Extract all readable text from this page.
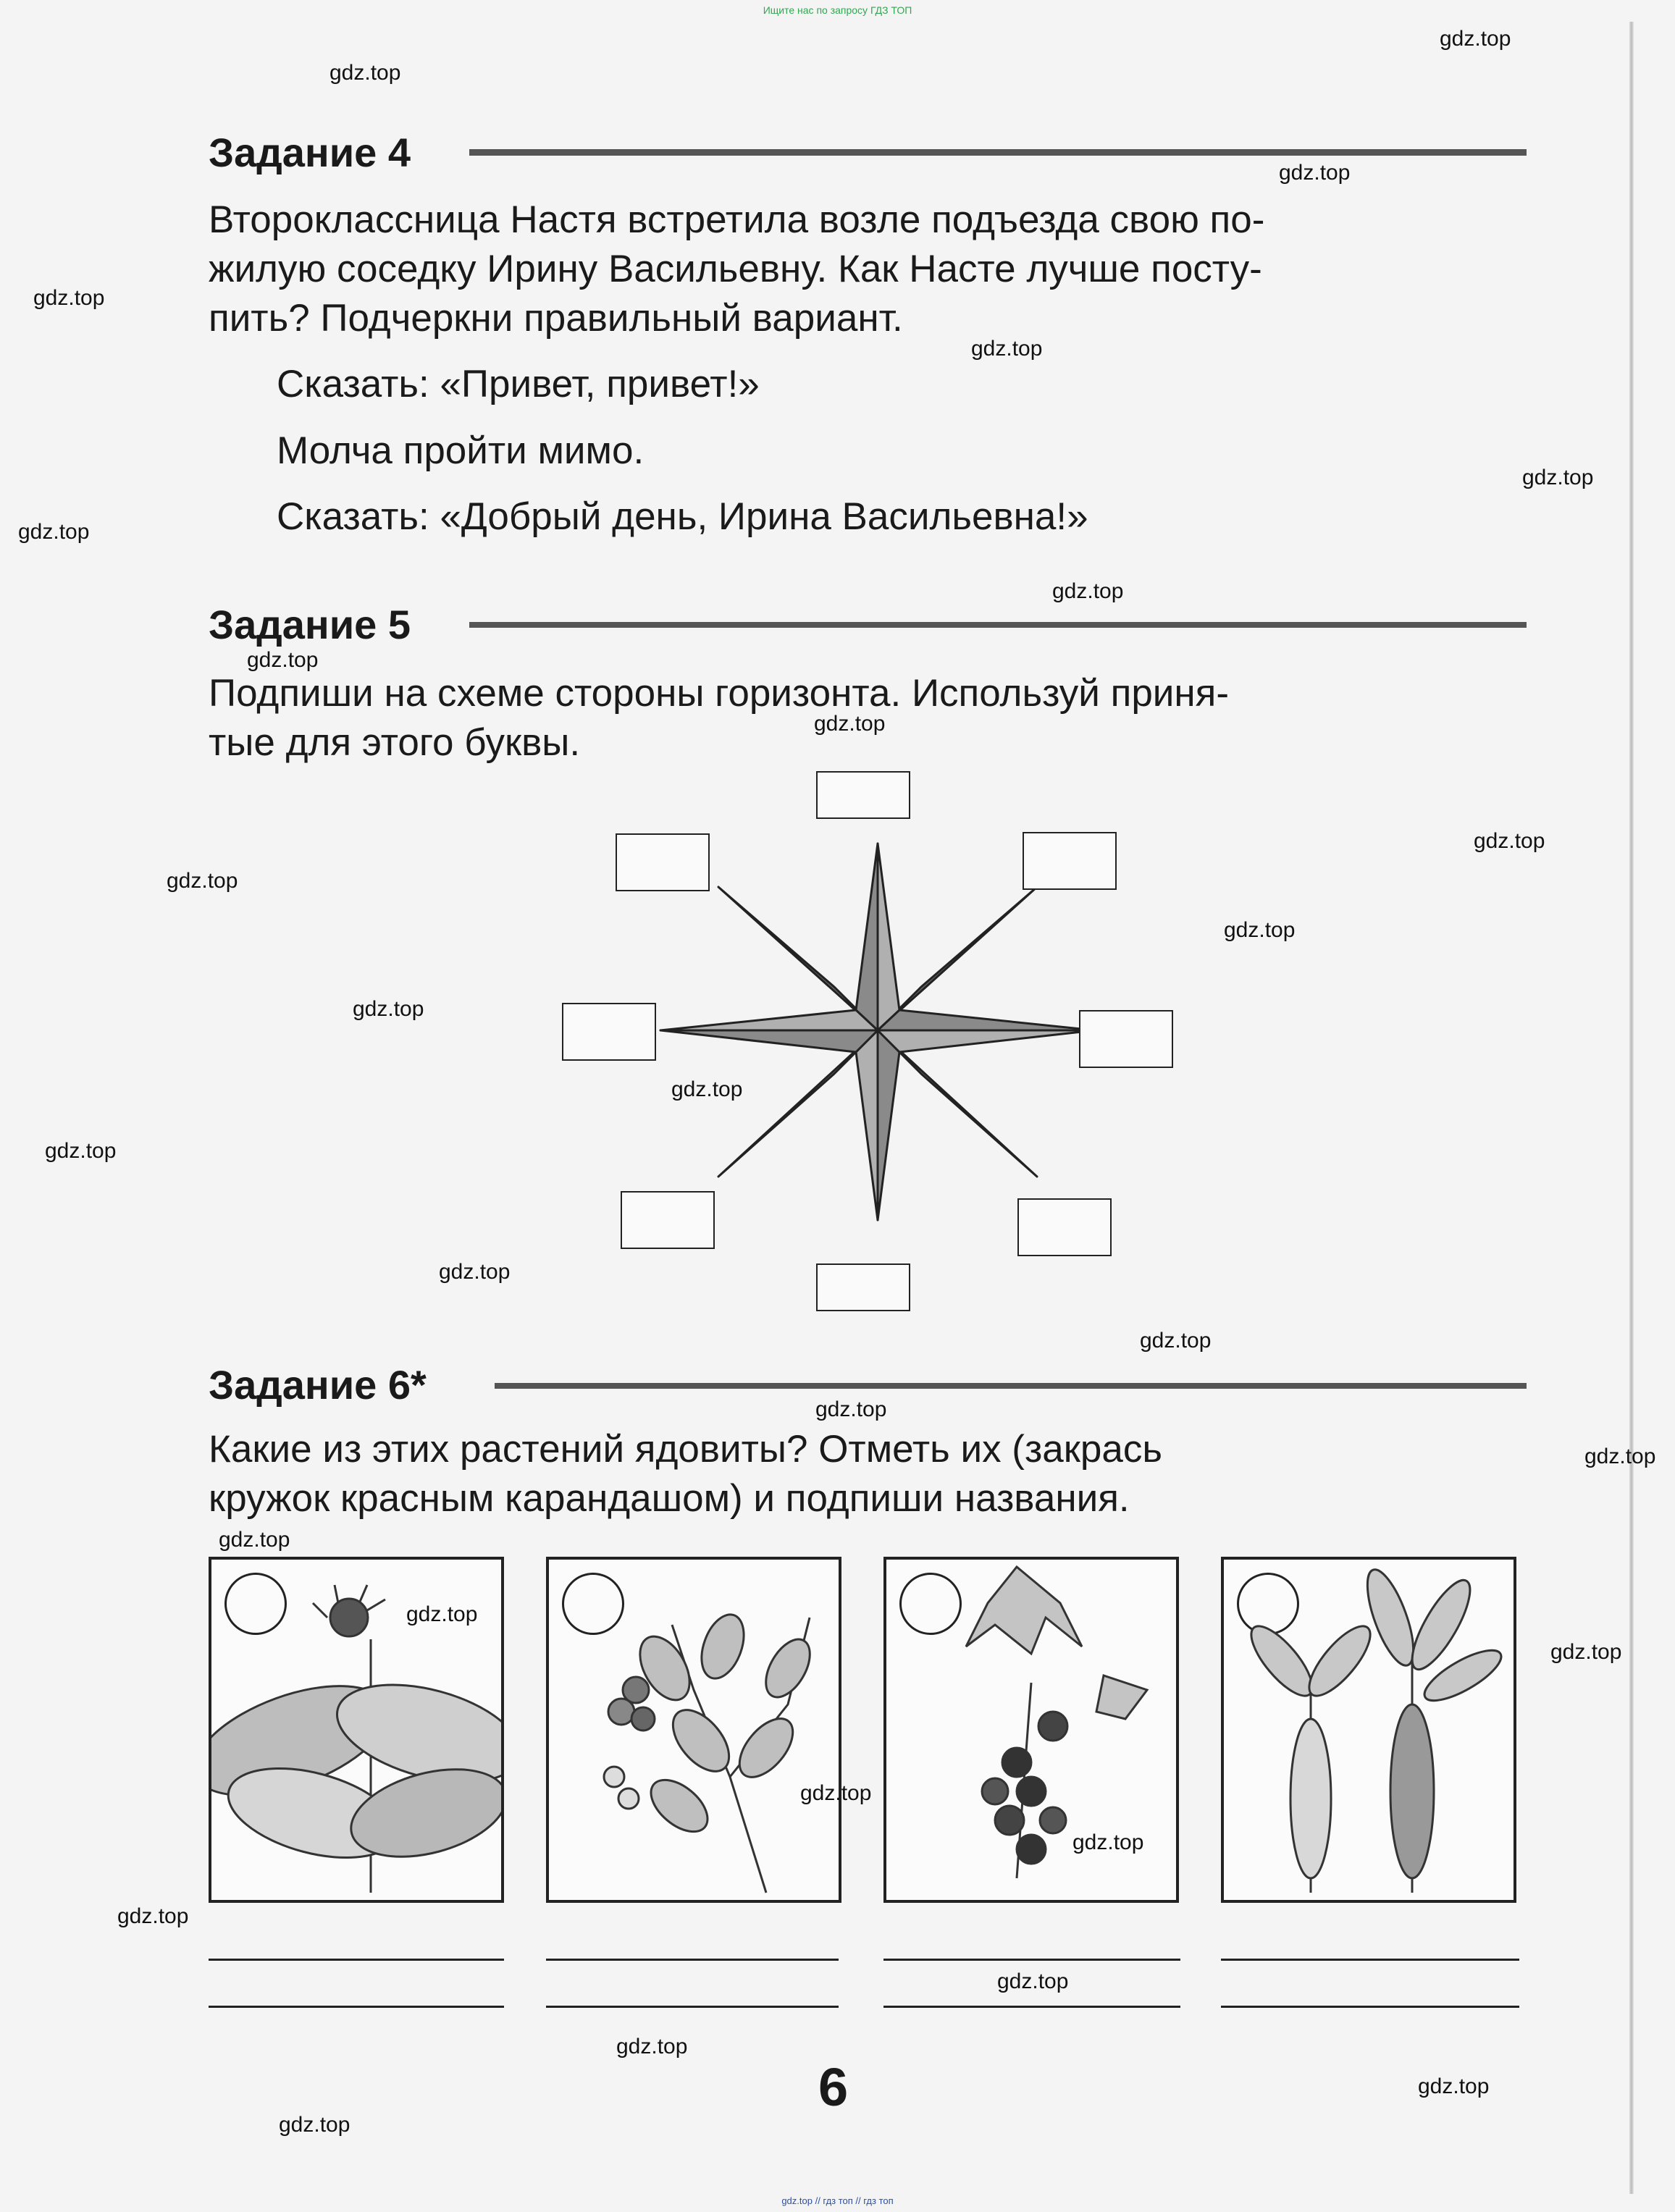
Ищите нас по запросу ГДЗ ТОП
Задание 4
Второклассница Настя встретила возле подъезда свою по-
жилую соседку Ирину Васильевну. Как Насте лучше посту-
пить? Подчеркни правильный вариант.
Сказать: «Привет, привет!»
Молча пройти мимо.
Сказать: «Добрый день, Ирина Васильевна!»
Задание 5
Подпиши на схеме стороны горизонта. Используй приня-
тые для этого буквы.
Задание 6*
Какие из этих растений ядовиты? Отметь их (закрась
кружок красным карандашом) и подпиши названия.
6
gdz.top
gdz.top
gdz.top
gdz.top
gdz.top
gdz.top
gdz.top
gdz.top
gdz.top
gdz.top
gdz.top
gdz.top
gdz.top
gdz.top
gdz.top
gdz.top
gdz.top
gdz.top
gdz.top
gdz.top
gdz.top
gdz.top
gdz.top
gdz.top
gdz.top
gdz.top
gdz.top
gdz.top
gdz.top
gdz.top
gdz.top // гдз топ // гдз топ
